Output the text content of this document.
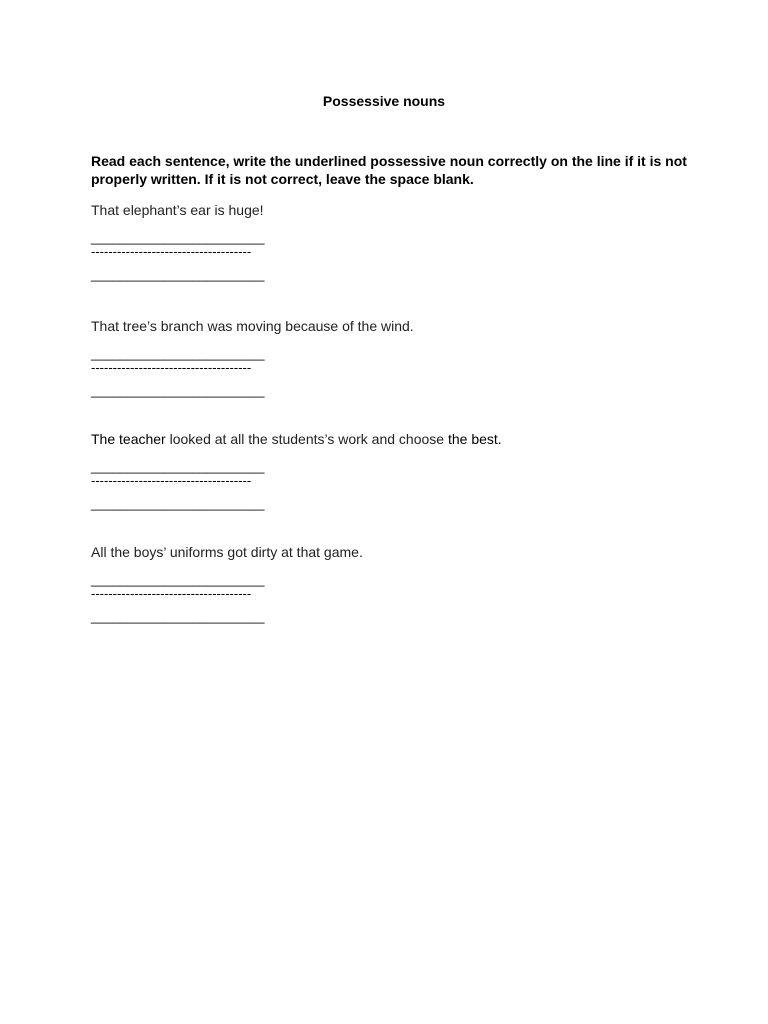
Possessive nouns
Read each sentence, write the underlined possessive noun correctly on the line if it is not properly written. If it is not correct, leave the space blank.
That elephant’s ear is huge!
________________________
-------------------------------------
________________________
That tree’s branch was moving because of the wind.
________________________
-------------------------------------
________________________
The teacher looked at all the students’s work and choose the best.
________________________
-------------------------------------
________________________
All the boys’ uniforms got dirty at that game.
________________________
-------------------------------------
________________________
